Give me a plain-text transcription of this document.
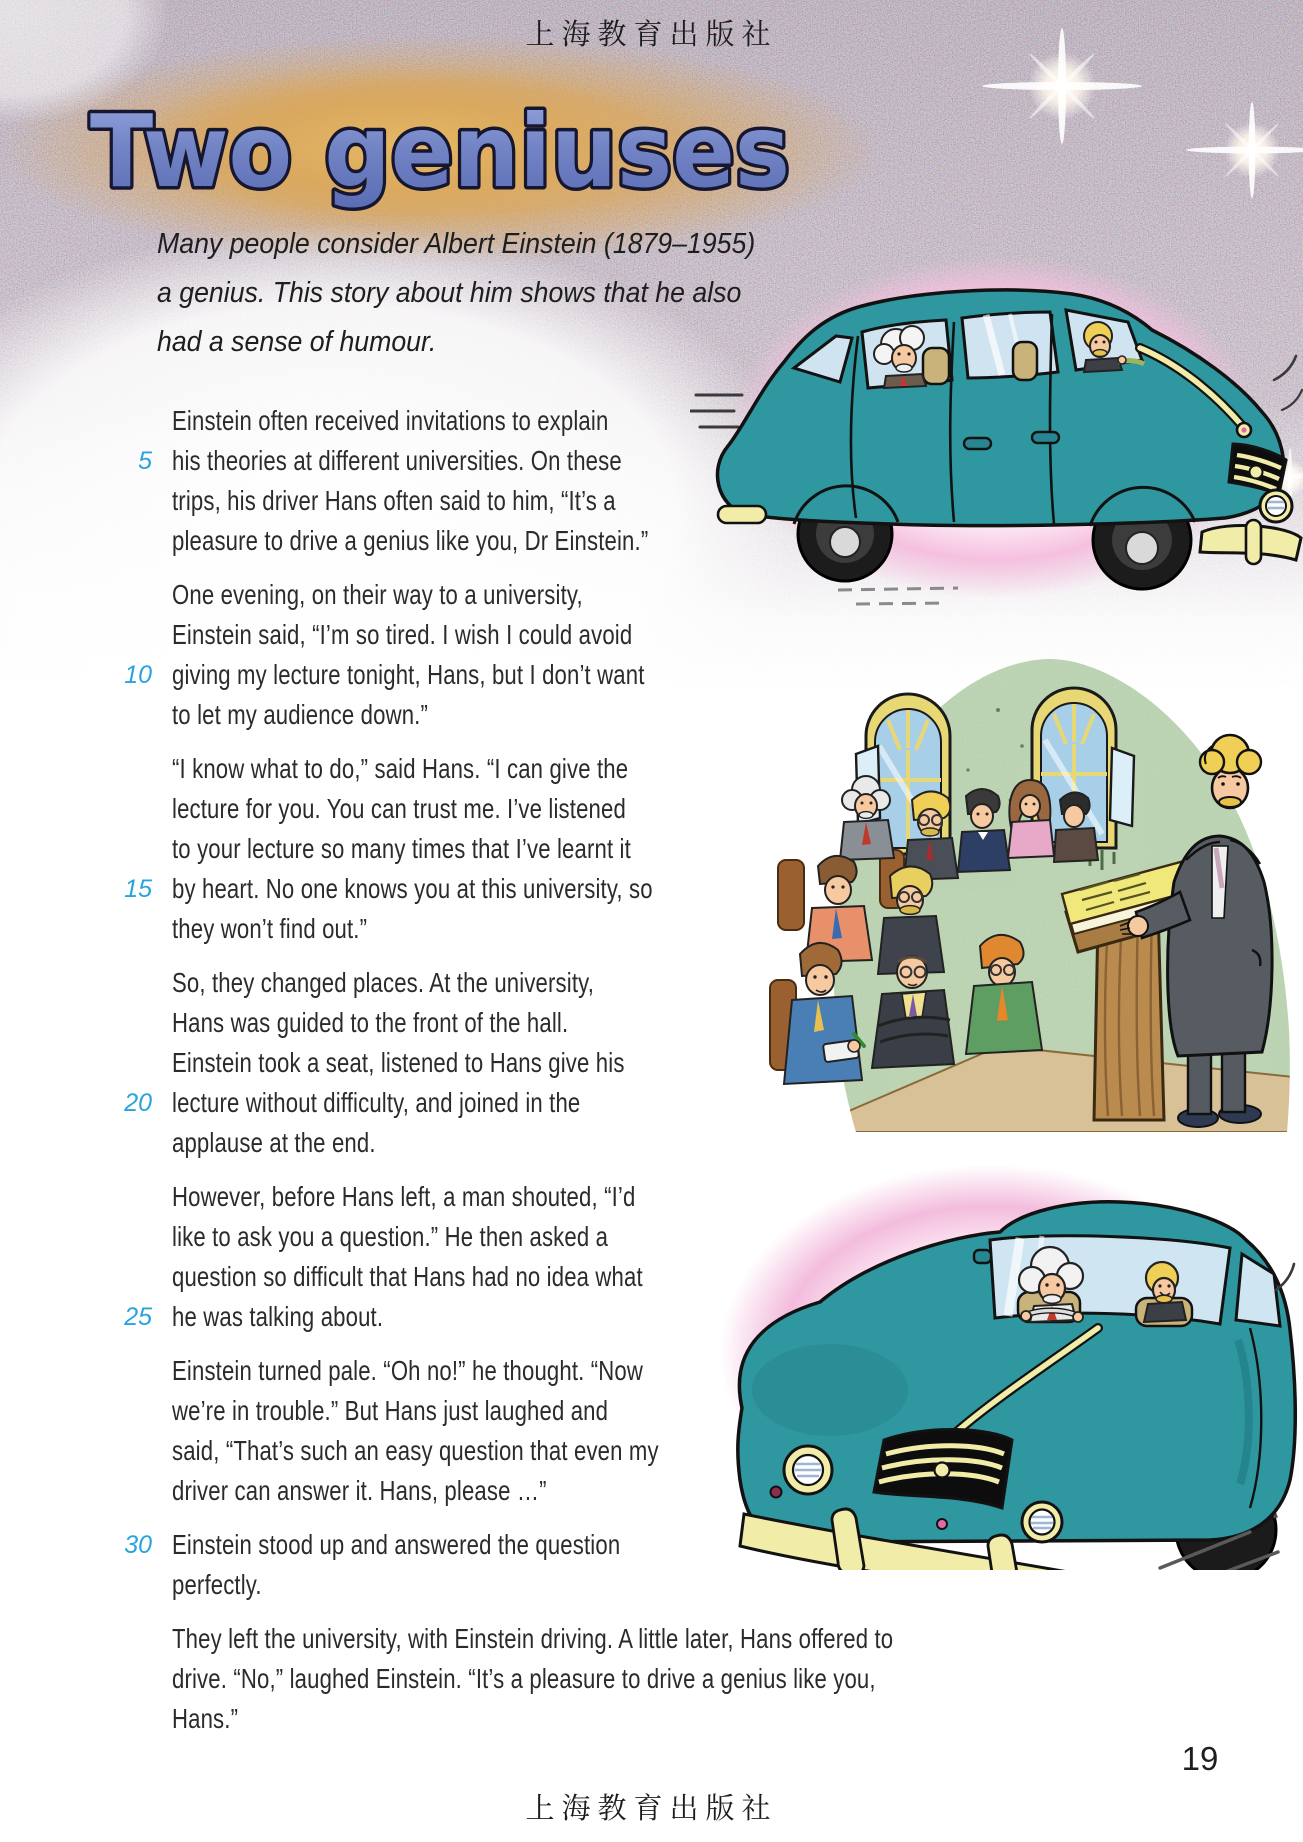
上海教育出版社
Two geniuses
Many people consider Albert Einstein (1879–1955)
a genius. This story about him shows that he also
had a sense of humour.
Einstein often received invitations to explain
5 his theories at different universities. On these
trips, his driver Hans often said to him, “It’s a
pleasure to drive a genius like you, Dr Einstein.”
One evening, on their way to a university,
Einstein said, “I’m so tired. I wish I could avoid
10 giving my lecture tonight, Hans, but I don’t want
to let my audience down.”
“I know what to do,” said Hans. “I can give the
lecture for you. You can trust me. I’ve listened
to your lecture so many times that I’ve learnt it
15 by heart. No one knows you at this university, so
they won’t find out.”
So, they changed places. At the university,
Hans was guided to the front of the hall.
Einstein took a seat, listened to Hans give his
20 lecture without difficulty, and joined in the
applause at the end.
However, before Hans left, a man shouted, “I’d
like to ask you a question.” He then asked a
question so difficult that Hans had no idea what
25 he was talking about.
Einstein turned pale. “Oh no!” he thought. “Now
we’re in trouble.” But Hans just laughed and
said, “That’s such an easy question that even my
driver can answer it. Hans, please …”
30 Einstein stood up and answered the question
perfectly.
They left the university, with Einstein driving. A little later, Hans offered to
drive. “No,” laughed Einstein. “It’s a pleasure to drive a genius like you,
Hans.”
19
上海教育出版社
